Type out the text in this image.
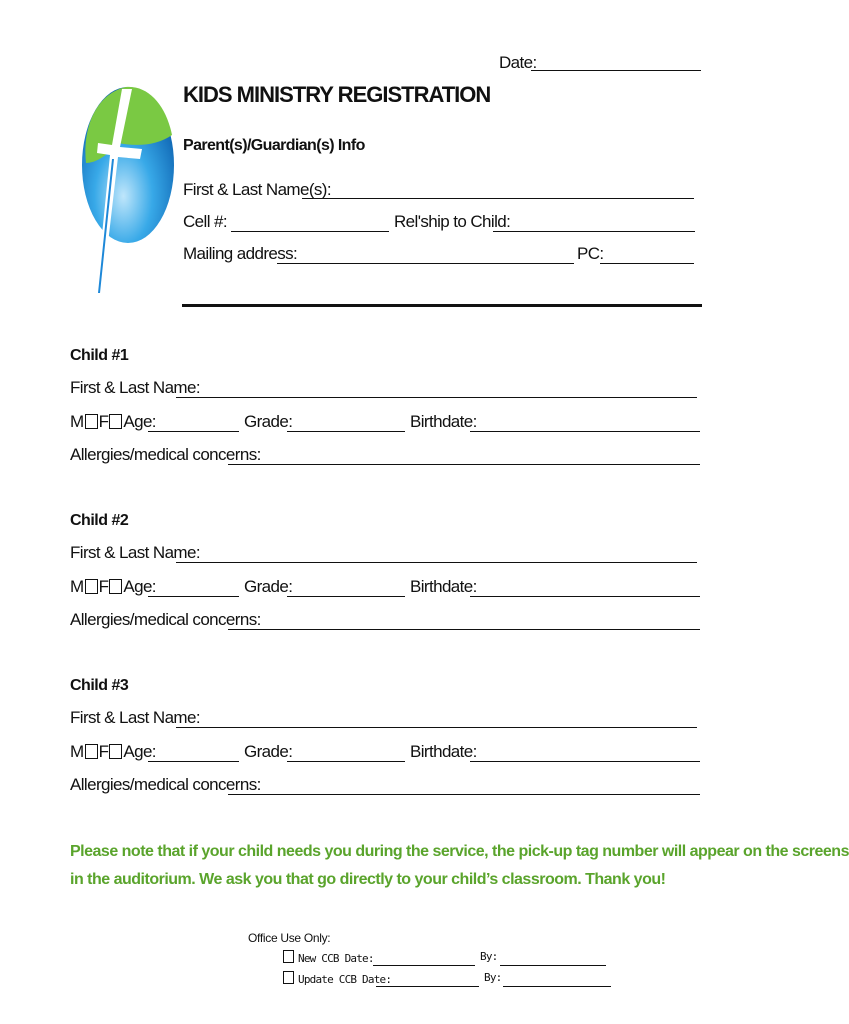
Date:
KIDS MINISTRY REGISTRATION
Parent(s)/Guardian(s) Info
First & Last Name(s):
Cell #:	Rel'ship to Child:
Mailing address:	PC:
Child #1
First & Last Name:
M F Age:	Grade:	Birthdate:
Allergies/medical concerns:
Child #2
First & Last Name:
M F Age:	Grade:	Birthdate:
Allergies/medical concerns:
Child #3
First & Last Name:
M F Age:	Grade:	Birthdate:
Allergies/medical concerns:
Please note that if your child needs you during the service, the pick-up tag number will appear on the screens
in the auditorium. We ask you that go directly to your child’s classroom. Thank you!
Office Use Only:
New CCB Date:	By:
Update CCB Date:	By:
